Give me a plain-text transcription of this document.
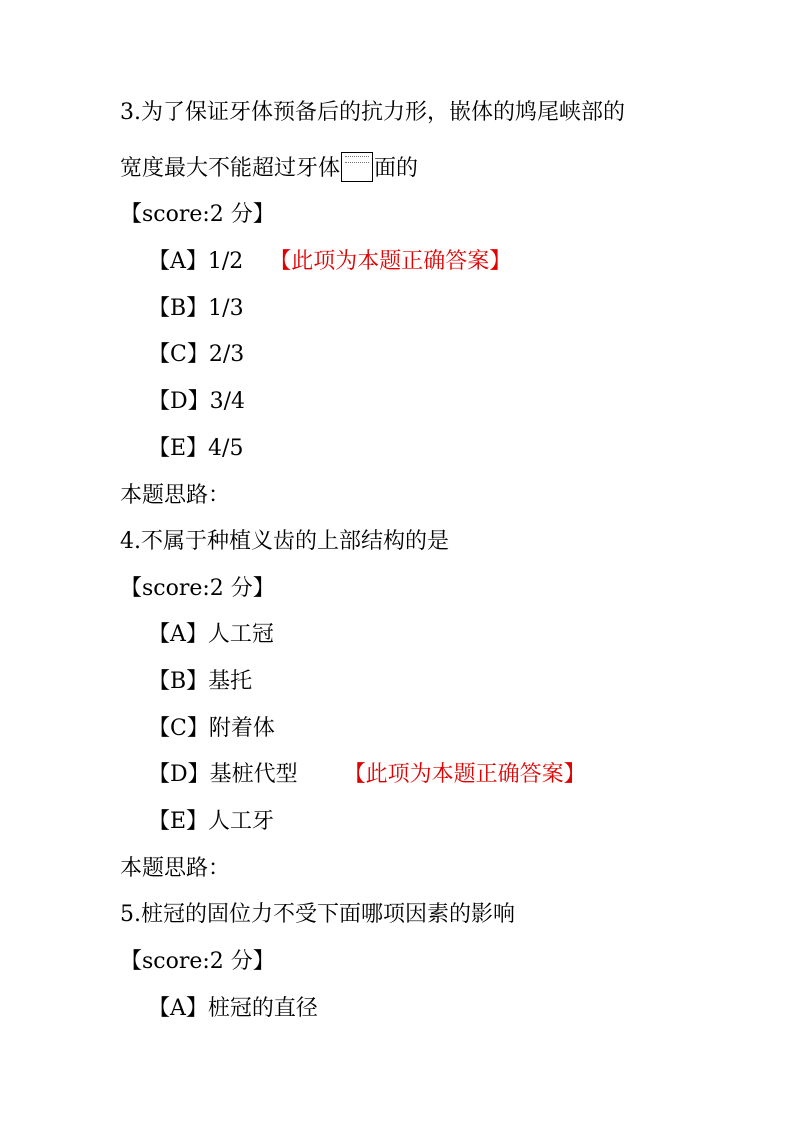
3.为了保证牙体预备后的抗力形，嵌体的鸠尾峡部的
宽度最大不能超过牙体 面的
【score:2 分】
【A】1/2 【此项为本题正确答案】
【B】1/3
【C】2/3
【D】3/4
【E】4/5
本题思路：
4.不属于种植义齿的上部结构的是
【score:2 分】
【A】人工冠
【B】基托
【C】附着体
【D】基桩代型 【此项为本题正确答案】
【E】人工牙
本题思路：
5.桩冠的固位力不受下面哪项因素的影响
【score:2 分】
【A】桩冠的直径
